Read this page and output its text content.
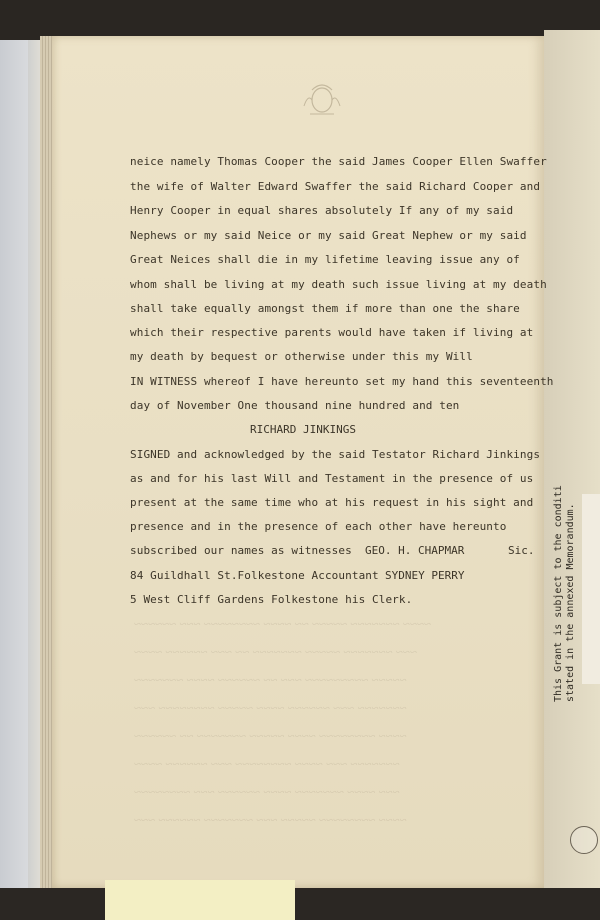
~~~~~~ ~~~ ~~~~~~~~ ~~~~ ~~ ~~~~~ ~~~~~~~ ~~~~
~~~~ ~~~~~~ ~~~ ~~ ~~~~~~~ ~~~~~ ~~~~~~~ ~~~
~~~~~~~ ~~~~ ~~~~~~ ~~ ~~~ ~~~~~~~~~ ~~~~~
~~~ ~~~~~~~~ ~~~~~ ~~~~ ~~~~~~ ~~~ ~~~~~~~
~~~~~~ ~~ ~~~~~~~ ~~~~~ ~~~~ ~~~~~~~~ ~~~~
~~~~ ~~~~~~ ~~~ ~~~~~~~~ ~~~~ ~~~ ~~~~~~~
~~~~~~~~ ~~~ ~~~~~~ ~~~~ ~~~~~~~ ~~~~ ~~~
~~~ ~~~~~~ ~~~~~~~ ~~~ ~~~~~ ~~~~~~~~ ~~~~
neice namely Thomas Cooper the said James Cooper Ellen Swaffer
the wife of Walter Edward Swaffer the said Richard Cooper and
Henry Cooper in equal shares absolutely If any of my said
Nephews or my said Neice or my said Great Nephew or my said
Great Neices shall die in my lifetime leaving issue any of
whom shall be living at my death such issue living at my death
shall take equally amongst them if more than one the share
which their respective parents would have taken if living at
my death by bequest or otherwise under this my Will
IN WITNESS whereof I have hereunto set my hand this seventeenth
day of November One thousand nine hundred and ten
RICHARD JINKINGS
SIGNED and acknowledged by the said Testator Richard Jinkings
as and for his last Will and Testament in the presence of us
present at the same time who at his request in his sight and
presence and in the presence of each other have hereunto
subscribed our names as witnesses GEO. H. CHAPMAR	Sic.
84 Guildhall St.Folkestone Accountant SYDNEY PERRY
5 West Cliff Gardens Folkestone his Clerk.	This Grant is subject to the conditi stated in the annexed Memorandum.
